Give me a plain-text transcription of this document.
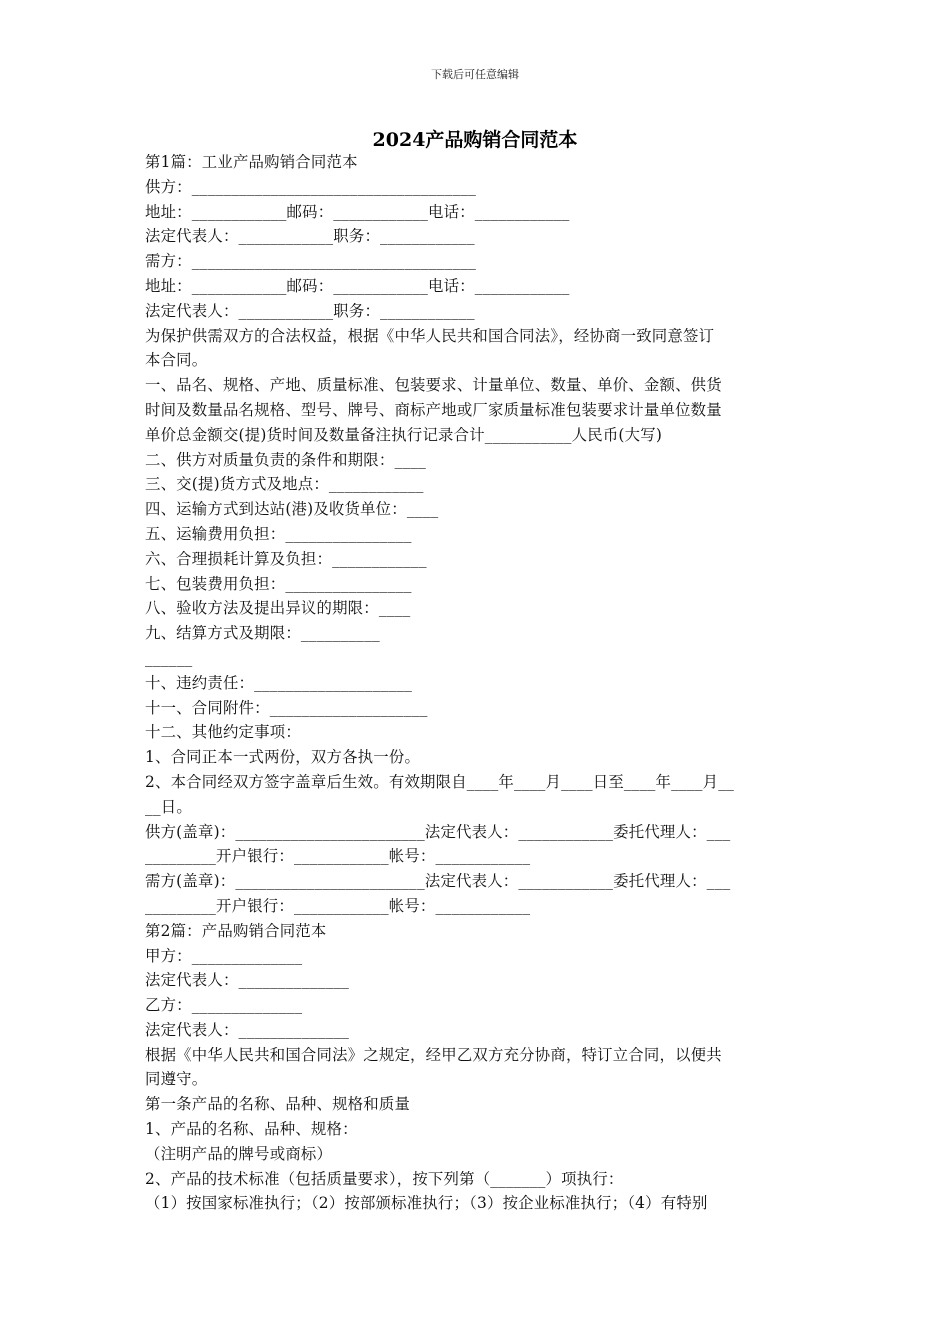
下载后可任意编辑
2024产品购销合同范本
第1篇：工业产品购销合同范本
供方：____________________________________
地址：____________邮码：____________电话：____________
法定代表人：____________职务：____________
需方：____________________________________
地址：____________邮码：____________电话：____________
法定代表人：____________职务：____________
为保护供需双方的合法权益，根据《中华人民共和国合同法》，经协商一致同意签订
本合同。
一、品名、规格、产地、质量标准、包装要求、计量单位、数量、单价、金额、供货
时间及数量品名规格、型号、牌号、商标产地或厂家质量标准包装要求计量单位数量
单价总金额交(提)货时间及数量备注执行记录合计___________人民币(大写)
二、供方对质量负责的条件和期限：____
三、交(提)货方式及地点：____________
四、运输方式到达站(港)及收货单位：____
五、运输费用负担：________________
六、合理损耗计算及负担：____________
七、包装费用负担：________________
八、验收方法及提出异议的期限：____
九、结算方式及期限：__________
______
十、违约责任：____________________
十一、合同附件：____________________
十二、其他约定事项：
1、合同正本一式两份，双方各执一份。
2、本合同经双方签字盖章后生效。有效期限自____年____月____日至____年____月__
__日。
供方(盖章)：________________________法定代表人：____________委托代理人：___
_________开户银行：____________帐号：____________
需方(盖章)：________________________法定代表人：____________委托代理人：___
_________开户银行：____________帐号：____________
第2篇：产品购销合同范本
甲方：______________
法定代表人：______________
乙方：______________
法定代表人：______________
根据《中华人民共和国合同法》之规定，经甲乙双方充分协商，特订立合同，以便共
同遵守。
第一条产品的名称、品种、规格和质量
1、产品的名称、品种、规格：
（注明产品的牌号或商标）
2、产品的技术标准（包括质量要求），按下列第（_______）项执行：
（1）按国家标准执行；（2）按部颁标准执行；（3）按企业标准执行；（4）有特别
